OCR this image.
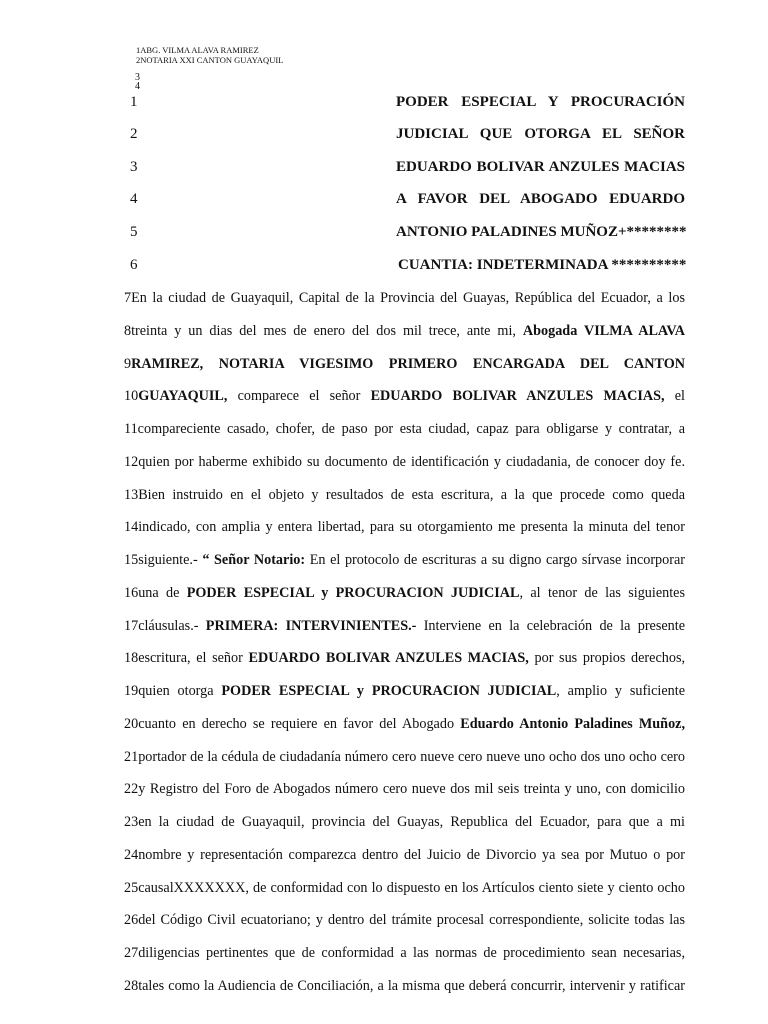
1ABG. VILMA ALAVA RAMIREZ
2NOTARIA XXI CANTON GUAYAQUIL
3
4
1	PODER ESPECIAL Y PROCURACIÓN
2	JUDICIAL QUE OTORGA EL SEÑOR
3	EDUARDO BOLIVAR ANZULES MACIAS
4	A FAVOR DEL ABOGADO EDUARDO
5	ANTONIO PALADINES MUÑOZ+********
6	CUANTIA: INDETERMINADA **********
7En la ciudad de Guayaquil, Capital de la Provincia del Guayas, República del Ecuador, a los
8treinta y un dias del mes de enero del dos mil trece, ante mi, Abogada VILMA ALAVA
9RAMIREZ, NOTARIA VIGESIMO PRIMERO ENCARGADA DEL CANTON
10GUAYAQUIL, comparece el señor EDUARDO BOLIVAR ANZULES MACIAS, el
11compareciente casado, chofer, de paso por esta ciudad, capaz para obligarse y contratar, a
12quien por haberme exhibido su documento de identificación y ciudadania, de conocer doy fe.
13Bien instruido en el objeto y resultados de esta escritura, a la que procede como queda
14indicado, con amplia y entera libertad, para su otorgamiento me presenta la minuta del tenor
15siguiente.- “ Señor Notario: En el protocolo de escrituras a su digno cargo sírvase incorporar
16una de PODER ESPECIAL y PROCURACION JUDICIAL, al tenor de las siguientes
17cláusulas.- PRIMERA: INTERVINIENTES.- Interviene en la celebración de la presente
18escritura, el señor EDUARDO BOLIVAR ANZULES MACIAS, por sus propios derechos,
19quien otorga PODER ESPECIAL y PROCURACION JUDICIAL, amplio y suficiente
20cuanto en derecho se requiere en favor del Abogado Eduardo Antonio Paladines Muñoz,
21portador de la cédula de ciudadanía número cero nueve cero nueve uno ocho dos uno ocho cero
22y Registro del Foro de Abogados número cero nueve dos mil seis treinta y uno, con domicilio
23en la ciudad de Guayaquil, provincia del Guayas, Republica del Ecuador, para que a mi
24nombre y representación comparezca dentro del Juicio de Divorcio ya sea por Mutuo o por
25causalXXXXXXX, de conformidad con lo dispuesto en los Artículos ciento siete y ciento ocho
26del Código Civil ecuatoriano; y dentro del trámite procesal correspondiente, solicite todas las
27diligencias pertinentes que de conformidad a las normas de procedimiento sean necesarias,
28tales como la Audiencia de Conciliación, a la misma que deberá concurrir, intervenir y ratificar
